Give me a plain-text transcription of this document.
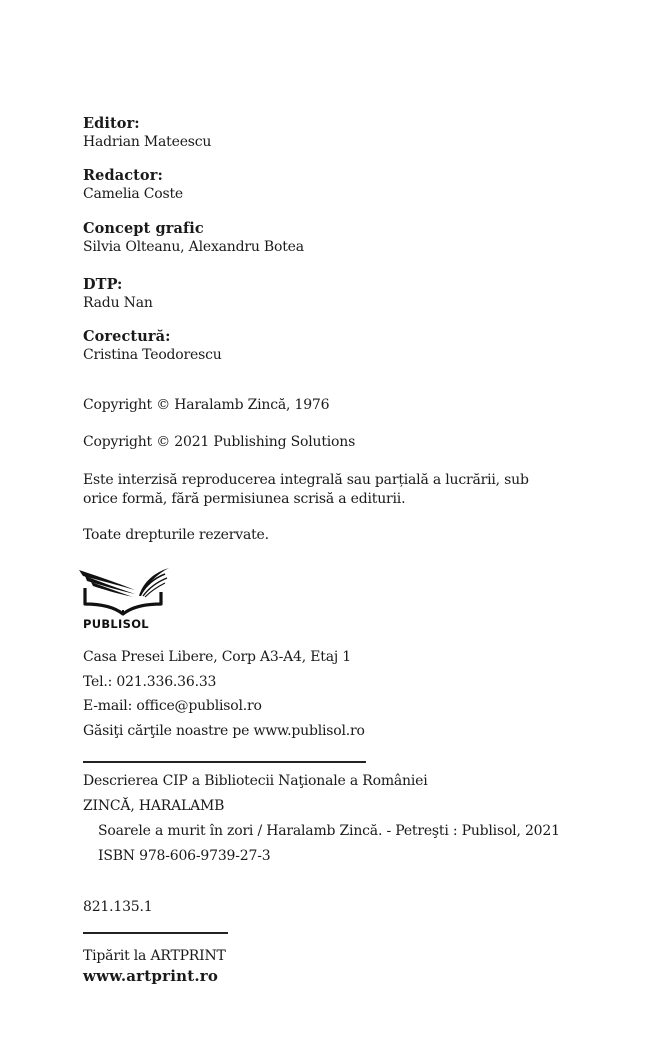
Editor:
Hadrian Mateescu
Redactor:
Camelia Coste
Concept grafic
Silvia Olteanu, Alexandru Botea
DTP:
Radu Nan
Corectură:
Cristina Teodorescu
Copyright © Haralamb Zincă, 1976
Copyright © 2021 Publishing Solutions
Este interzisă reproducerea integrală sau parțială a lucrării, sub orice formă, fără permisiunea scrisă a editurii.
Toate drepturile rezervate.
PUBLISOL
Casa Presei Libere, Corp A3-A4, Etaj 1
Tel.: 021.336.36.33
E-mail: office@publisol.ro
Găsiţi cărţile noastre pe www.publisol.ro
Descrierea CIP a Bibliotecii Naţionale a României
ZINCĂ, HARALAMB
Soarele a murit în zori / Haralamb Zincă. - Petreşti : Publisol, 2021
ISBN 978-606-9739-27-3
821.135.1
Tipărit la ARTPRINT
www.artprint.ro
